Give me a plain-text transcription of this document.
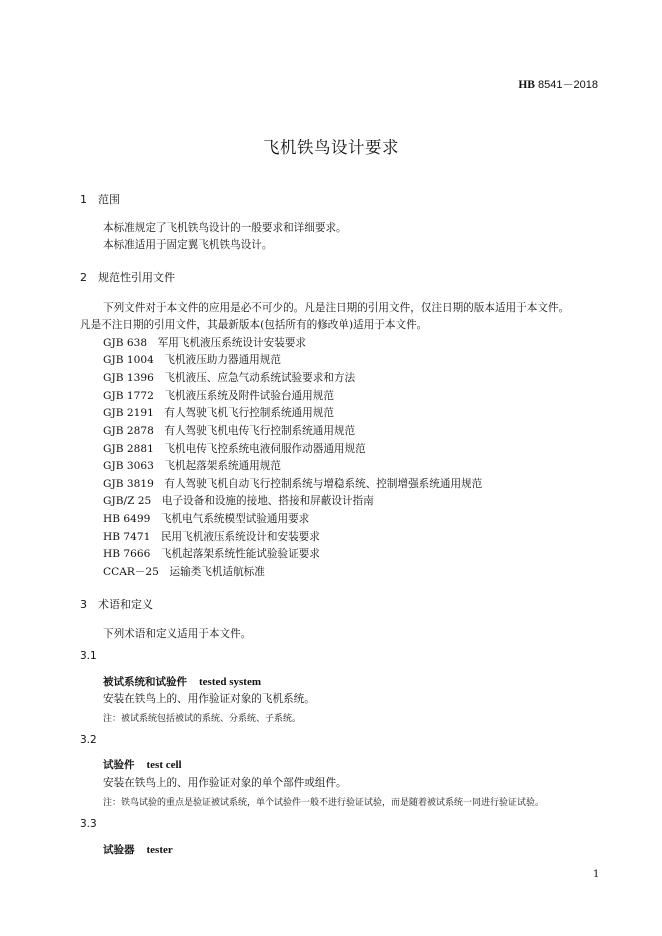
HB 8541－2018
飞机铁鸟设计要求
1 范围
本标准规定了飞机铁鸟设计的一般要求和详细要求。
本标准适用于固定翼飞机铁鸟设计。
2 规范性引用文件
下列文件对于本文件的应用是必不可少的。凡是注日期的引用文件，仅注日期的版本适用于本文件。
凡是不注日期的引用文件，其最新版本(包括所有的修改单)适用于本文件。
GJB 638　 军用飞机液压系统设计安装要求
GJB 1004　 飞机液压助力器通用规范
GJB 1396　 飞机液压、应急气动系统试验要求和方法
GJB 1772　 飞机液压系统及附件试验台通用规范
GJB 2191　 有人驾驶飞机飞行控制系统通用规范
GJB 2878　 有人驾驶飞机电传飞行控制系统通用规范
GJB 2881　 飞机电传飞控系统电液伺服作动器通用规范
GJB 3063　 飞机起落架系统通用规范
GJB 3819　 有人驾驶飞机自动飞行控制系统与增稳系统、控制增强系统通用规范
GJB/Z 25　 电子设备和设施的接地、搭接和屏蔽设计指南
HB 6499　 飞机电气系统模型试验通用要求
HB 7471　 民用飞机液压系统设计和安装要求
HB 7666　 飞机起落架系统性能试验验证要求
CCAR－25　 运输类飞机适航标准
3 术语和定义
下列术语和定义适用于本文件。
3.1
被试系统和试验件 tested system
安装在铁鸟上的、用作验证对象的飞机系统。
注：被试系统包括被试的系统、分系统、子系统。
3.2
试验件 test cell
安装在铁鸟上的、用作验证对象的单个部件或组件。
注：铁鸟试验的重点是验证被试系统，单个试验件一般不进行验证试验，而是随着被试系统一同进行验证试验。
3.3
试验器 tester
1
